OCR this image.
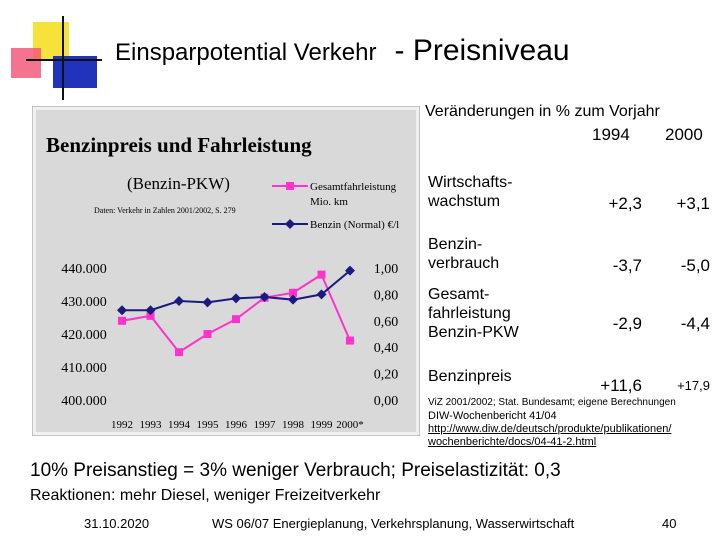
Einsparpotential Verkehr - Preisniveau
Benzinpreis und Fahrleistung
(Benzin-PKW)
Daten: Verkehr in Zahlen 2001/2002, S. 279
Gesamtfahrleistung
Mio. km
Benzin (Normal) €/l
400.000
410.000
420.000
430.000
440.000
0,00
0,20
0,40
0,60
0,80
1,00
1992 1993 1994 1995 1996 1997 1998 1999 2000*
Veränderungen in % zum Vorjahr
1994 2000
Wirtschafts-
wachstum	+2,3	+3,1
Benzin-
verbrauch	-3,7	-5,0
Gesamt-
fahrleistung
Benzin-PKW	-2,9	-4,4
Benzinpreis	+11,6	+17,9
ViZ 2001/2002; Stat. Bundesamt; eigene Berechnungen
DIW-Wochenbericht 41/04
http://www.diw.de/deutsch/produkte/publikationen/
wochenberichte/docs/04-41-2.html
10% Preisanstieg = 3% weniger Verbrauch; Preiselastizität: 0,3
Reaktionen: mehr Diesel, weniger Freizeitverkehr
31.10.2020	WS 06/07 Energieplanung, Verkehrsplanung, Wasserwirtschaft	40
